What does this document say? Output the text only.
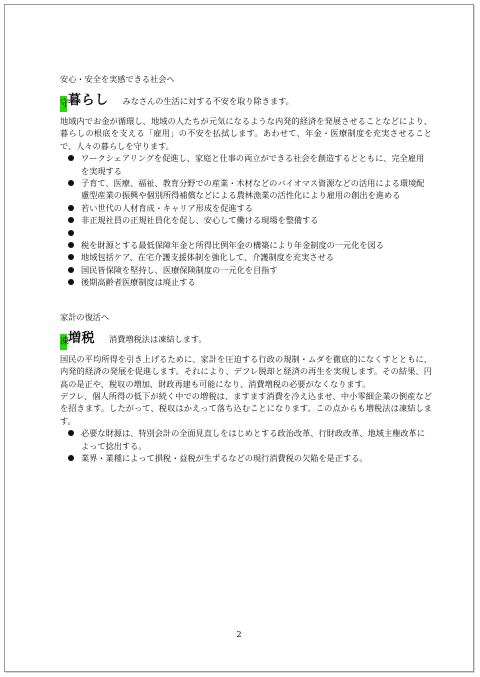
安心・安全を実感できる社会へ
守
暮らし みなさんの生活に対する不安を取り除きます。

地域内でお金が循環し、地域の人たちが元気になるような内発的経済を発展させることなどにより、暮らしの根底を支える「雇用」の不安を払拭します。あわせて、年金・医療制度を充実させることで、人々の暮らしを守ります。

ワークシェアリングを促進し、家庭と仕事の両立ができる社会を創造するとともに、完全雇用を実現する
子育て、医療、福祉、教育分野での産業・木材などのバイオマス資源などの活用による環境配慮型産業の振興や個別所得補償などによる農林漁業の活性化により雇用の創出を進める
若い世代の人材育成・キャリア形成を促進する
非正規社員の正規社員化を促し、安心して働ける現場を整備する

税を財源とする最低保障年金と所得比例年金の構築により年金制度の一元化を図る
地域包括ケア、在宅介護支援体制を強化して、介護制度を充実させる
国民皆保険を堅持し、医療保険制度の一元化を目指す
後期高齢者医療制度は廃止する
家計の復活へ
凍
増税 消費増税法は凍結します。

国民の平均所得を引き上げるために、家計を圧迫する行政の規制・ムダを徹底的になくすとともに、内発的経済の発展を促進します。それにより、デフレ脱却と経済の再生を実現します。その結果、円高の是正や、税収の増加、財政再建も可能になり、消費増税の必要がなくなります。

デフレ、個人所得の低下が続く中での増税は、ますます消費を冷え込ませ、中小零細企業の倒産などを招きます。したがって、税収はかえって落ち込むことになります。この点からも増税法は凍結します。

必要な財源は、特別会計の全面見直しをはじめとする政治改革、行財政改革、地域主権改革によって捻出する。
業界・業種によって損税・益税が生ずるなどの現行消費税の欠陥を是正する。
2
